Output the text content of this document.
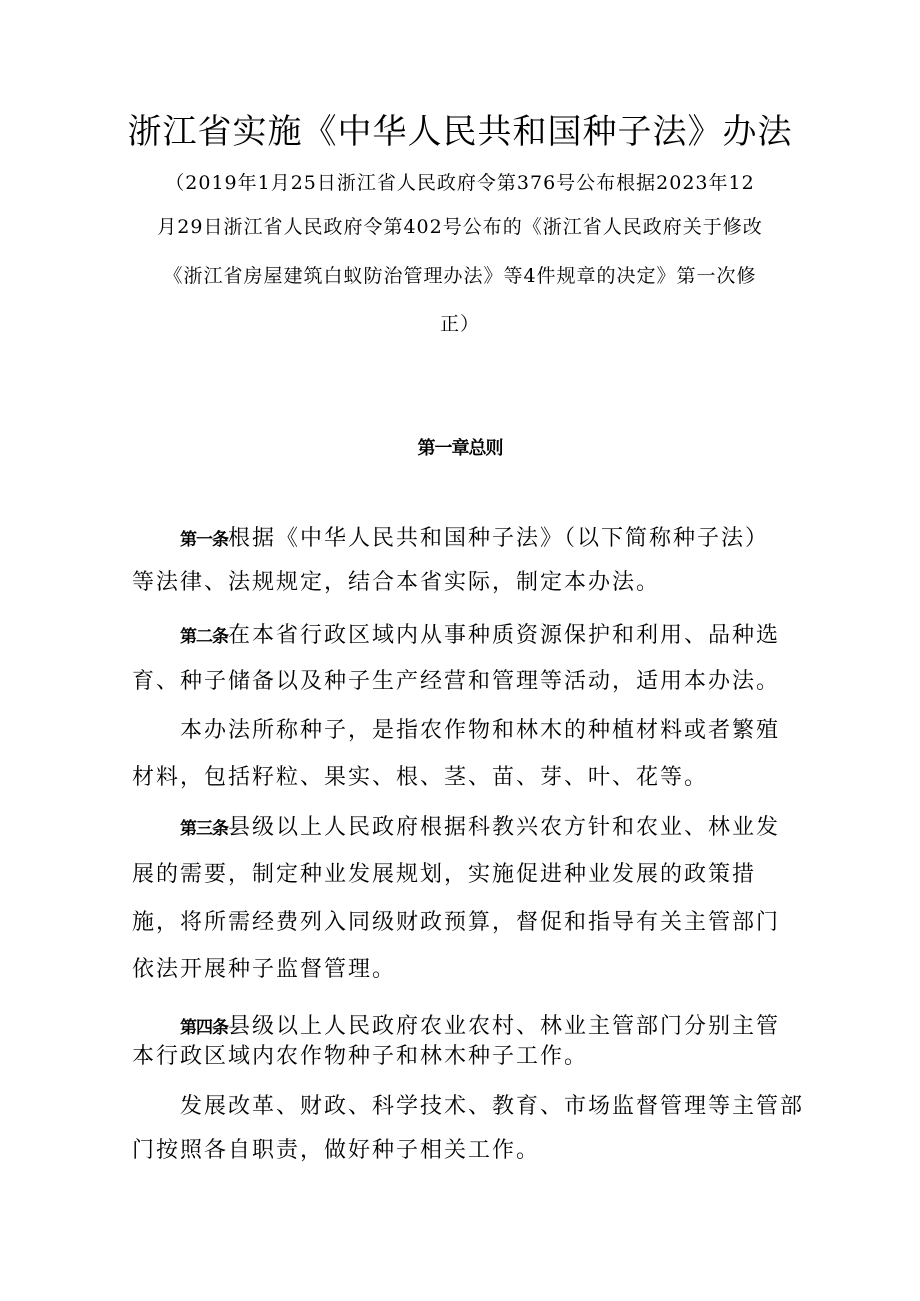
浙江省实施《中华人民共和国种子法》办法
（2019年1月25日浙江省人民政府令第376号公布根据2023年12
月29日浙江省人民政府令第402号公布的《浙江省人民政府关于修改
《浙江省房屋建筑白蚁防治管理办法》等4件规章的决定》第一次修
正）
第一章总则
第一条根据《中华人民共和国种子法》（以下简称种子法）
等法律、法规规定，结合本省实际，制定本办法。
第二条在本省行政区域内从事种质资源保护和利用、品种选
育、种子储备以及种子生产经营和管理等活动，适用本办法。
本办法所称种子，是指农作物和林木的种植材料或者繁殖
材料，包括籽粒、果实、根、茎、苗、芽、叶、花等。
第三条县级以上人民政府根据科教兴农方针和农业、林业发
展的需要，制定种业发展规划，实施促进种业发展的政策措
施，将所需经费列入同级财政预算，督促和指导有关主管部门
依法开展种子监督管理。
第四条县级以上人民政府农业农村、林业主管部门分别主管
本行政区域内农作物种子和林木种子工作。
发展改革、财政、科学技术、教育、市场监督管理等主管部
门按照各自职责，做好种子相关工作。
